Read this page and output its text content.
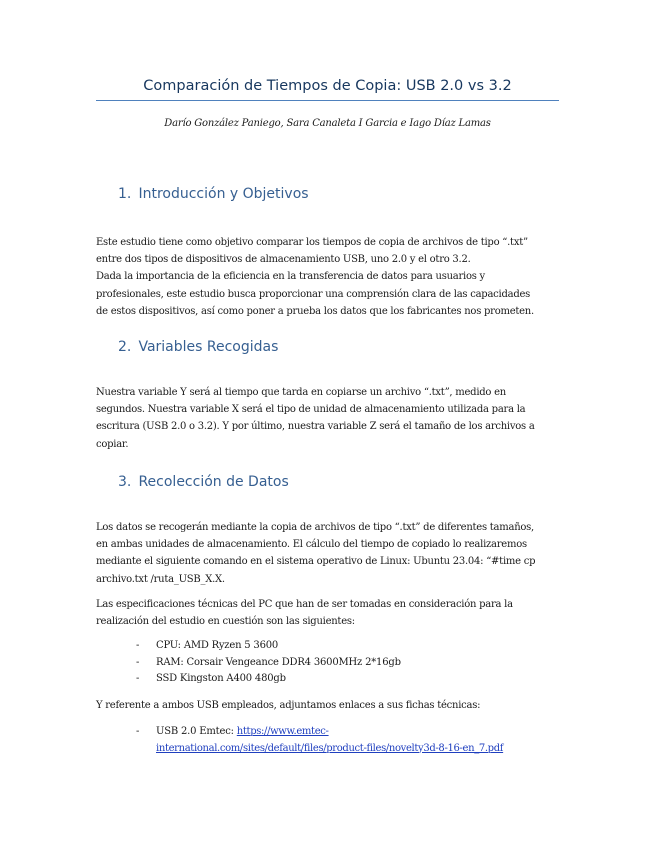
Comparación de Tiempos de Copia: USB 2.0 vs 3.2
Darío González Paniego, Sara Canaleta I Garcia e Iago Díaz Lamas
1. Introducción y Objetivos

Este estudio tiene como objetivo comparar los tiempos de copia de archivos de tipo “.txt”
entre dos tipos de dispositivos de almacenamiento USB, uno 2.0 y el otro 3.2.
Dada la importancia de la eficiencia en la transferencia de datos para usuarios y
profesionales, este estudio busca proporcionar una comprensión clara de las capacidades
de estos dispositivos, así como poner a prueba los datos que los fabricantes nos prometen.

2. Variables Recogidas

Nuestra variable Y será al tiempo que tarda en copiarse un archivo “.txt”, medido en
segundos. Nuestra variable X será el tipo de unidad de almacenamiento utilizada para la
escritura (USB 2.0 o 3.2). Y por último, nuestra variable Z será el tamaño de los archivos a
copiar.

3. Recolección de Datos

Los datos se recogerán mediante la copia de archivos de tipo “.txt” de diferentes tamaños,
en ambas unidades de almacenamiento. El cálculo del tiempo de copiado lo realizaremos
mediante el siguiente comando en el sistema operativo de Linux: Ubuntu 23.04: “#time cp
archivo.txt /ruta_USB_X.X.

Las especificaciones técnicas del PC que han de ser tomadas en consideración para la
realización del estudio en cuestión son las siguientes:

- CPU: AMD Ryzen 5 3600
- RAM: Corsair Vengeance DDR4 3600MHz 2*16gb
- SSD Kingston A400 480gb

Y referente a ambos USB empleados, adjuntamos enlaces a sus fichas técnicas:

- USB 2.0 Emtec: https://www.emtec-
international.com/sites/default/files/product-files/novelty3d-8-16-en_7.pdf
